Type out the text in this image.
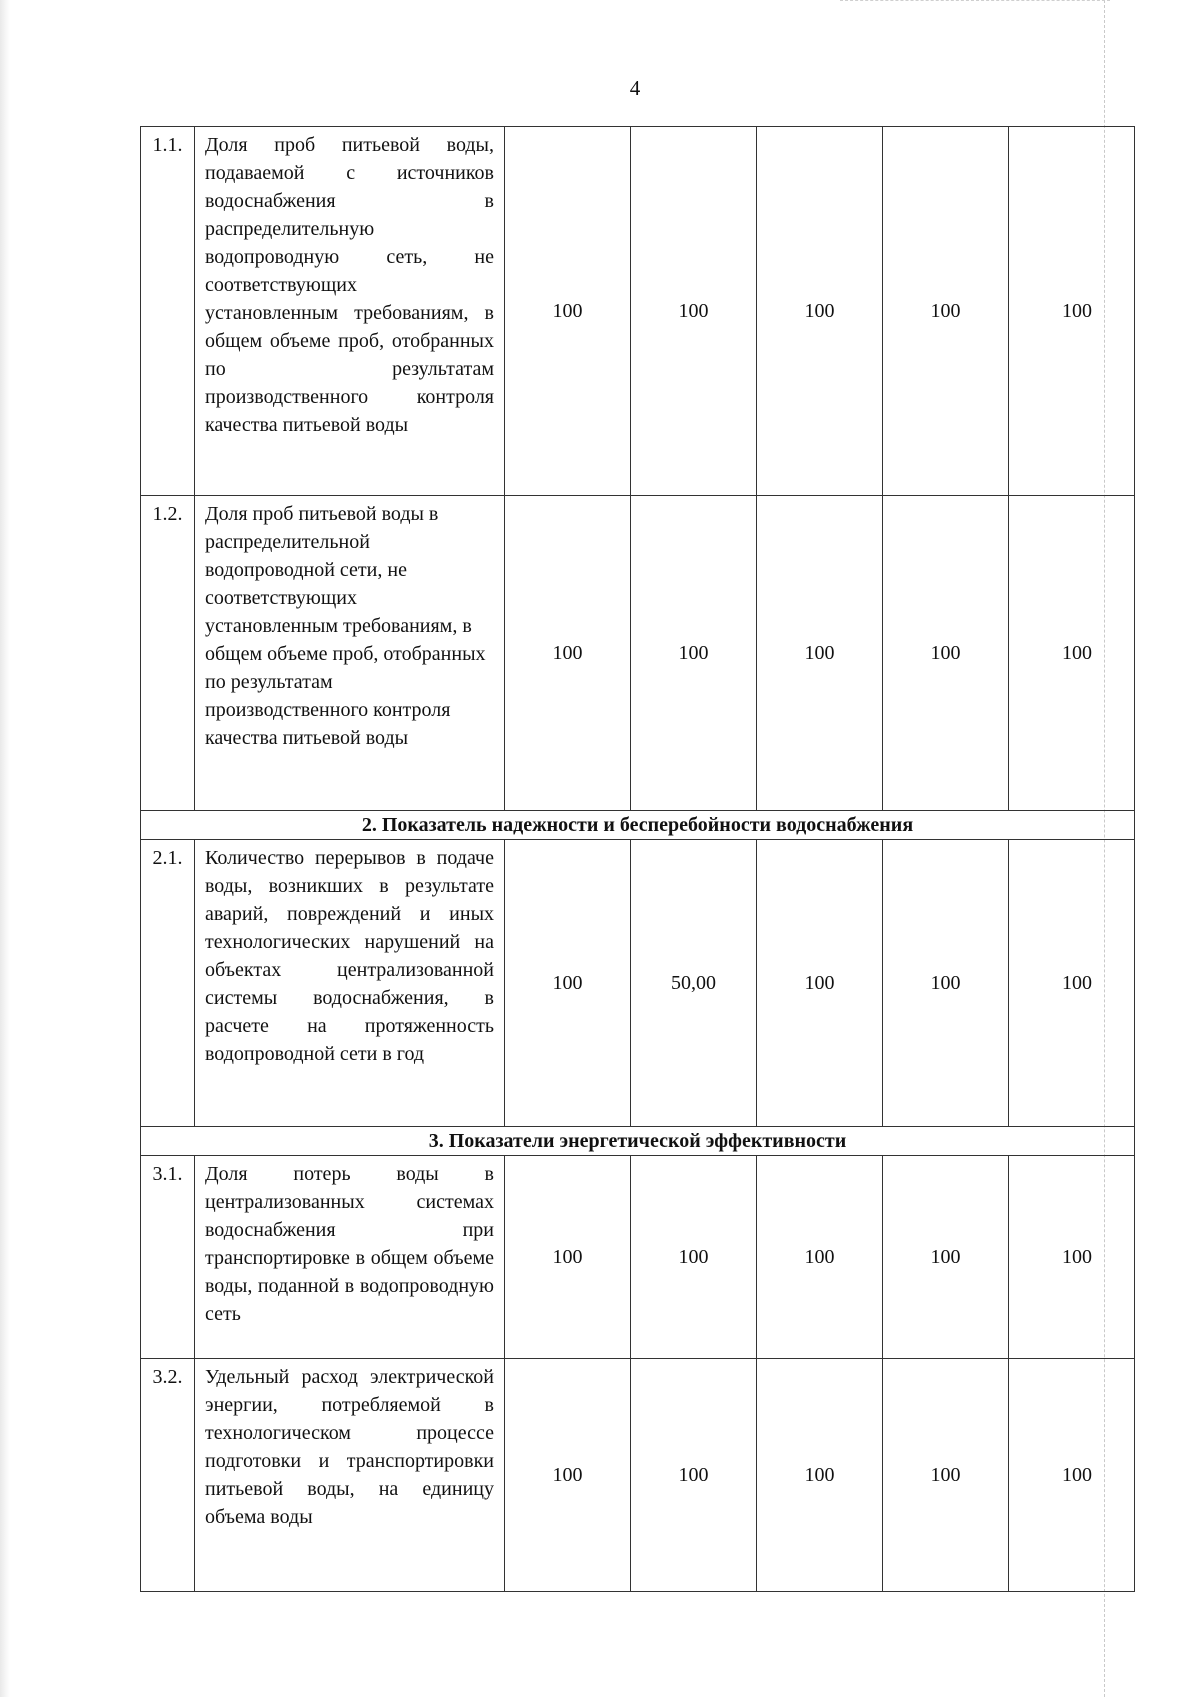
4
1.1.	Доля проб питьевой воды, подаваемой с источников водоснабжения в распределительную водопроводную сеть, не соответствующих установленным требованиям, в общем объеме проб, отобранных по результатам производственного контроля качества питьевой воды	100	100	100	100	100
1.2.	Доля проб питьевой воды в распределительной водопроводной сети, не соответствующих установленным требованиям, в общем объеме проб, отобранных по результатам производственного контроля качества питьевой воды	100	100	100	100	100
2. Показатель надежности и бесперебойности водоснабжения						
2.1.	Количество перерывов в подаче воды, возникших в результате аварий, повреждений и иных технологических нарушений на объектах централизованной системы водоснабжения, в расчете на протяженность водопроводной сети в год	100	50,00	100	100	100
3. Показатели энергетической эффективности						
3.1.	Доля потерь воды в централизованных системах водоснабжения при транспортировке в общем объеме воды, поданной в водопроводную сеть	100	100	100	100	100
3.2.	Удельный расход электрической энергии, потребляемой в технологическом процессе подготовки и транспортировки питьевой воды, на единицу объема воды	100	100	100	100	100
